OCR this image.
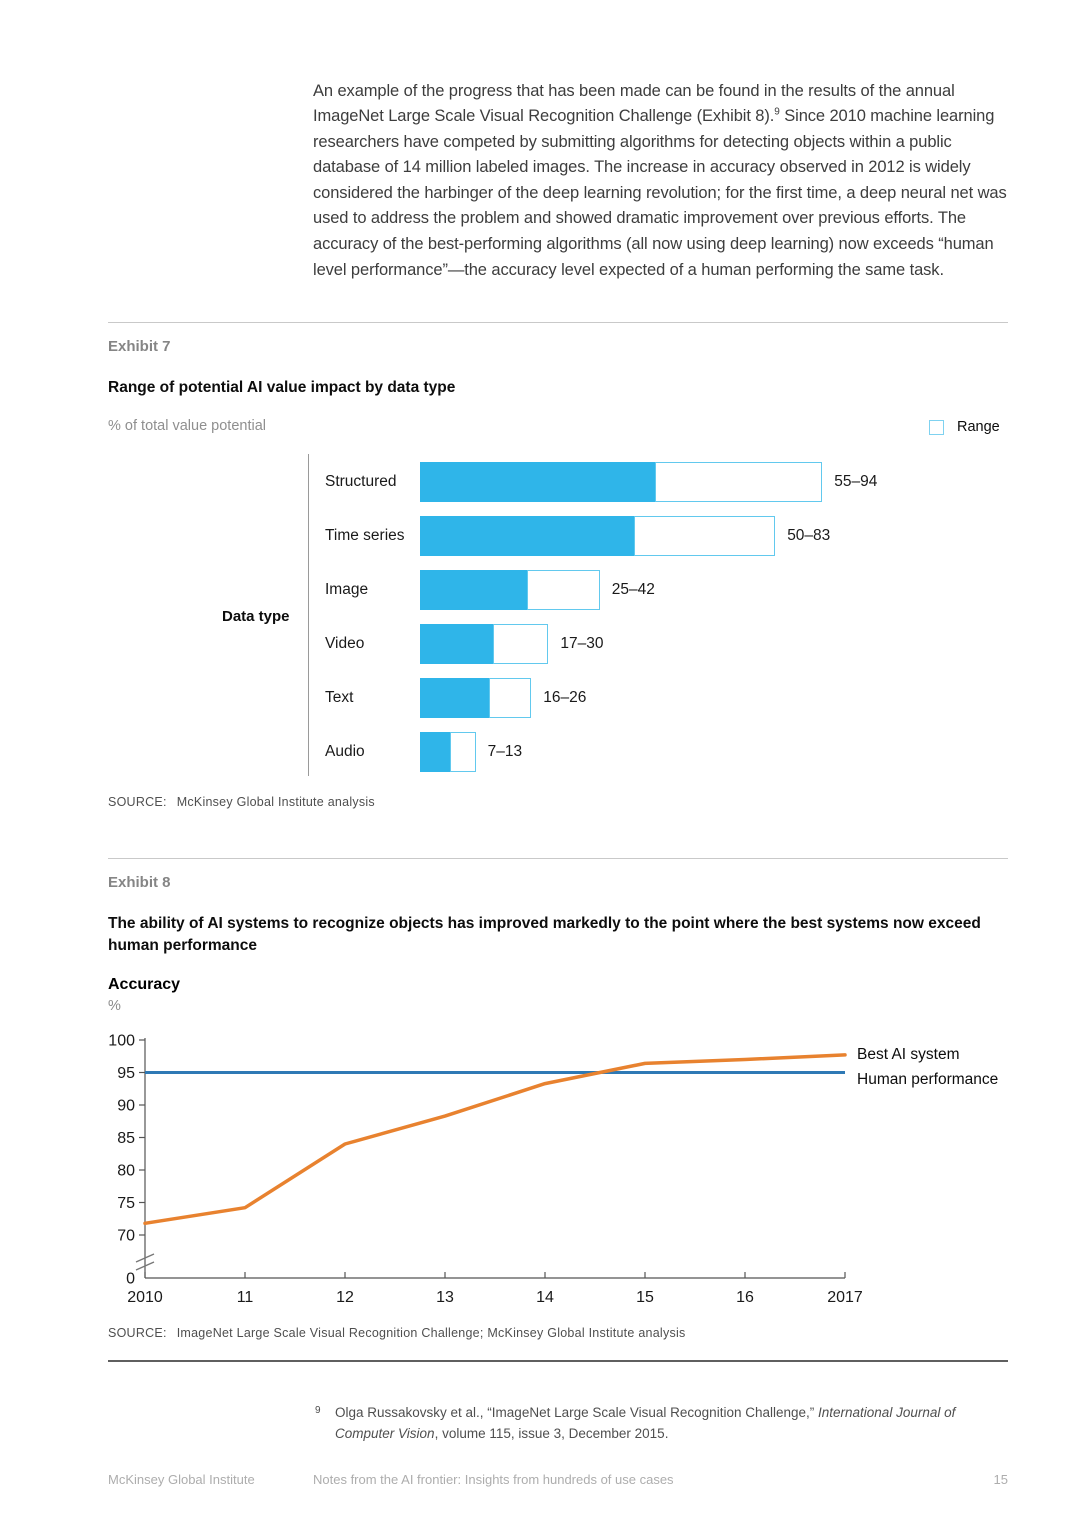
An example of the progress that has been made can be found in the results of the annual ImageNet Large Scale Visual Recognition Challenge (Exhibit 8).$^9$ Since 2010 machine learning researchers have competed by submitting algorithms for detecting objects within a public database of 14 million labeled images. The increase in accuracy observed in 2012 is widely considered the harbinger of the deep learning revolution; for the first time, a deep neural net was used to address the problem and showed dramatic improvement over previous efforts. The accuracy of the best-performing algorithms (all now using deep learning) now exceeds “human level performance”—the accuracy level expected of a human performing the same task.

Exhibit 7
Range of potential AI value impact by data type
% of total value potential	Range
Data type
Structured	55–94
Time series	50–83
Image	25–42
Video	17–30
Text	16–26
Audio	7–13
SOURCE: McKinsey Global Institute analysis
Exhibit 8
The ability of AI systems to recognize objects has improved markedly to the point where the best systems now exceed human performance
Accuracy
%
100
95
90
85
80
75
70
0
2010	11	12	13	14	15	16	2017
Best AI system
Human performance
SOURCE: ImageNet Large Scale Visual Recognition Challenge; McKinsey Global Institute analysis
9 Olga Russakovsky et al., “ImageNet Large Scale Visual Recognition Challenge,” International Journal of Computer Vision, volume 115, issue 3, December 2015.
McKinsey Global Institute	Notes from the AI frontier: Insights from hundreds of use cases	15
